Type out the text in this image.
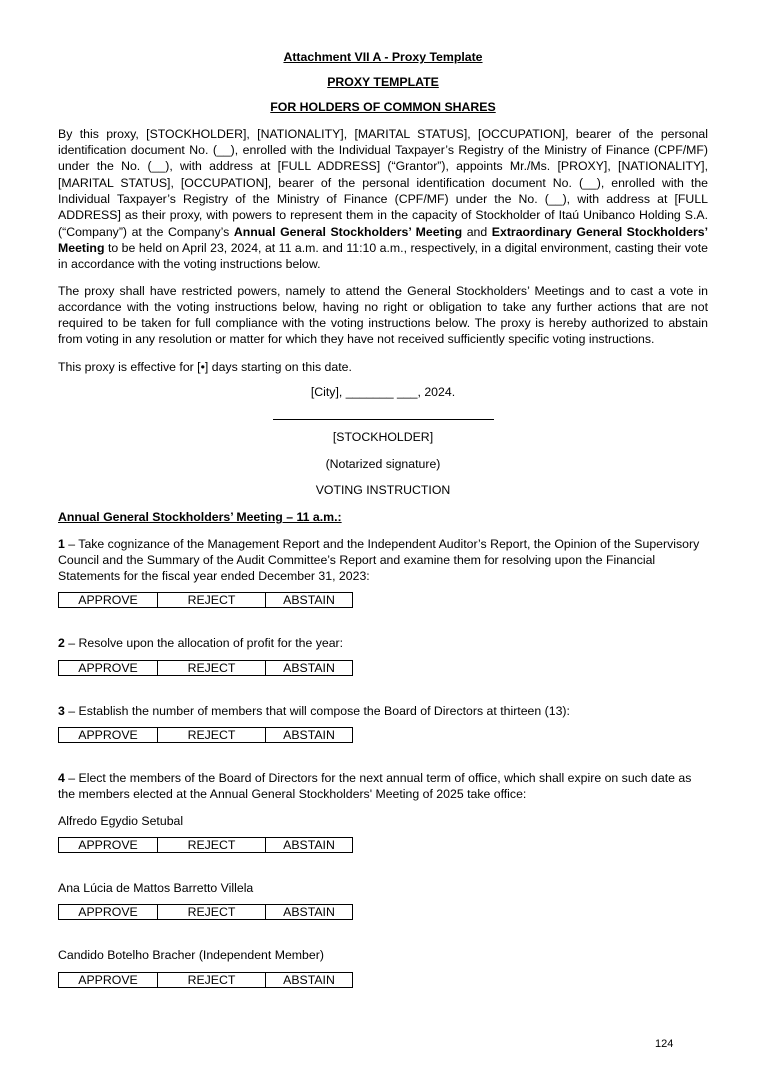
Attachment VII A - Proxy Template

PROXY TEMPLATE

FOR HOLDERS OF COMMON SHARES

By this proxy, [STOCKHOLDER], [NATIONALITY], [MARITAL STATUS], [OCCUPATION], bearer of the personal identification document No. (__), enrolled with the Individual Taxpayer’s Registry of the Ministry of Finance (CPF/MF) under the No. (__), with address at [FULL ADDRESS] (“Grantor”), appoints Mr./Ms. [PROXY], [NATIONALITY], [MARITAL STATUS], [OCCUPATION], bearer of the personal identification document No. (__), enrolled with the Individual Taxpayer’s Registry of the Ministry of Finance (CPF/MF) under the No. (__), with address at [FULL ADDRESS] as their proxy, with powers to represent them in the capacity of Stockholder of Itaú Unibanco Holding S.A. (“Company”) at the Company’s Annual General Stockholders’ Meeting and Extraordinary General Stockholders’ Meeting to be held on April 23, 2024, at 11 a.m. and 11:10 a.m., respectively, in a digital environment, casting their vote in accordance with the voting instructions below.

The proxy shall have restricted powers, namely to attend the General Stockholders’ Meetings and to cast a vote in accordance with the voting instructions below, having no right or obligation to take any further actions that are not required to be taken for full compliance with the voting instructions below. The proxy is hereby authorized to abstain from voting in any resolution or matter for which they have not received sufficiently specific voting instructions.

This proxy is effective for [•] days starting on this date.

[City], _______ ___, 2024.

[STOCKHOLDER]

(Notarized signature)

VOTING INSTRUCTION

Annual General Stockholders’ Meeting – 11 a.m.:

1 – Take cognizance of the Management Report and the Independent Auditor’s Report, the Opinion of the Supervisory Council and the Summary of the Audit Committee’s Report and examine them for resolving upon the Financial Statements for the fiscal year ended December 31, 2023:

APPROVE	REJECT	ABSTAIN

2 – Resolve upon the allocation of profit for the year:

APPROVE	REJECT	ABSTAIN

3 – Establish the number of members that will compose the Board of Directors at thirteen (13):

APPROVE	REJECT	ABSTAIN

4 – Elect the members of the Board of Directors for the next annual term of office, which shall expire on such date as the members elected at the Annual General Stockholders' Meeting of 2025 take office:

Alfredo Egydio Setubal

APPROVE	REJECT	ABSTAIN

Ana Lúcia de Mattos Barretto Villela

APPROVE	REJECT	ABSTAIN

Candido Botelho Bracher (Independent Member)

APPROVE	REJECT	ABSTAIN
124
